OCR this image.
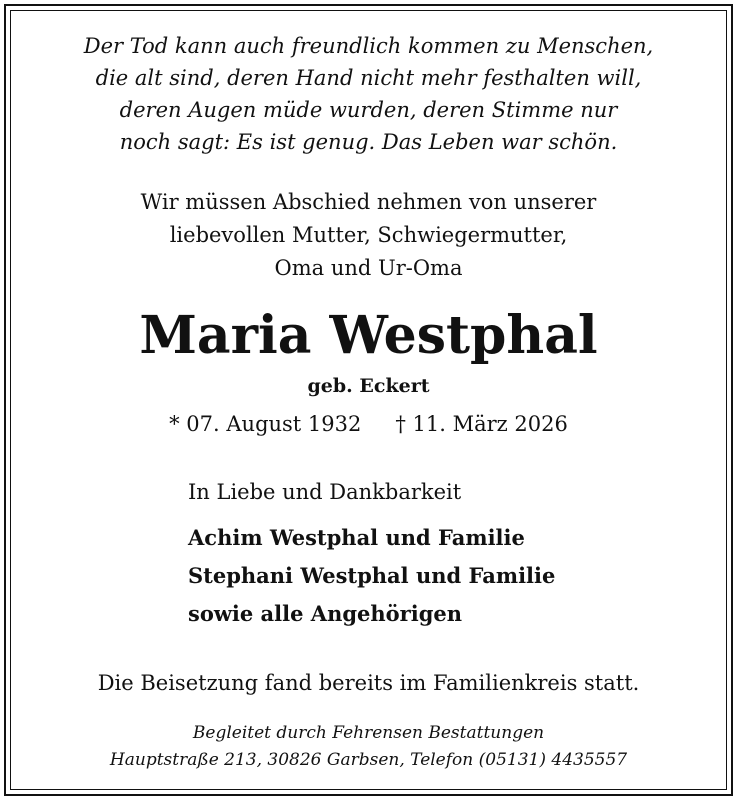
Der Tod kann auch freundlich kommen zu Menschen,
die alt sind, deren Hand nicht mehr festhalten will,
deren Augen müde wurden, deren Stimme nur
noch sagt: Es ist genug. Das Leben war schön.
Wir müssen Abschied nehmen von unserer
liebevollen Mutter, Schwiegermutter,
Oma und Ur-Oma
Maria Westphal
geb. Eckert
* 07. August 1932 † 11. März 2026
In Liebe und Dankbarkeit
Achim Westphal und Familie
Stephani Westphal und Familie
sowie alle Angehörigen
Die Beisetzung fand bereits im Familienkreis statt.
Begleitet durch Fehrensen Bestattungen
Hauptstraße 213, 30826 Garbsen, Telefon (05131) 4435557
